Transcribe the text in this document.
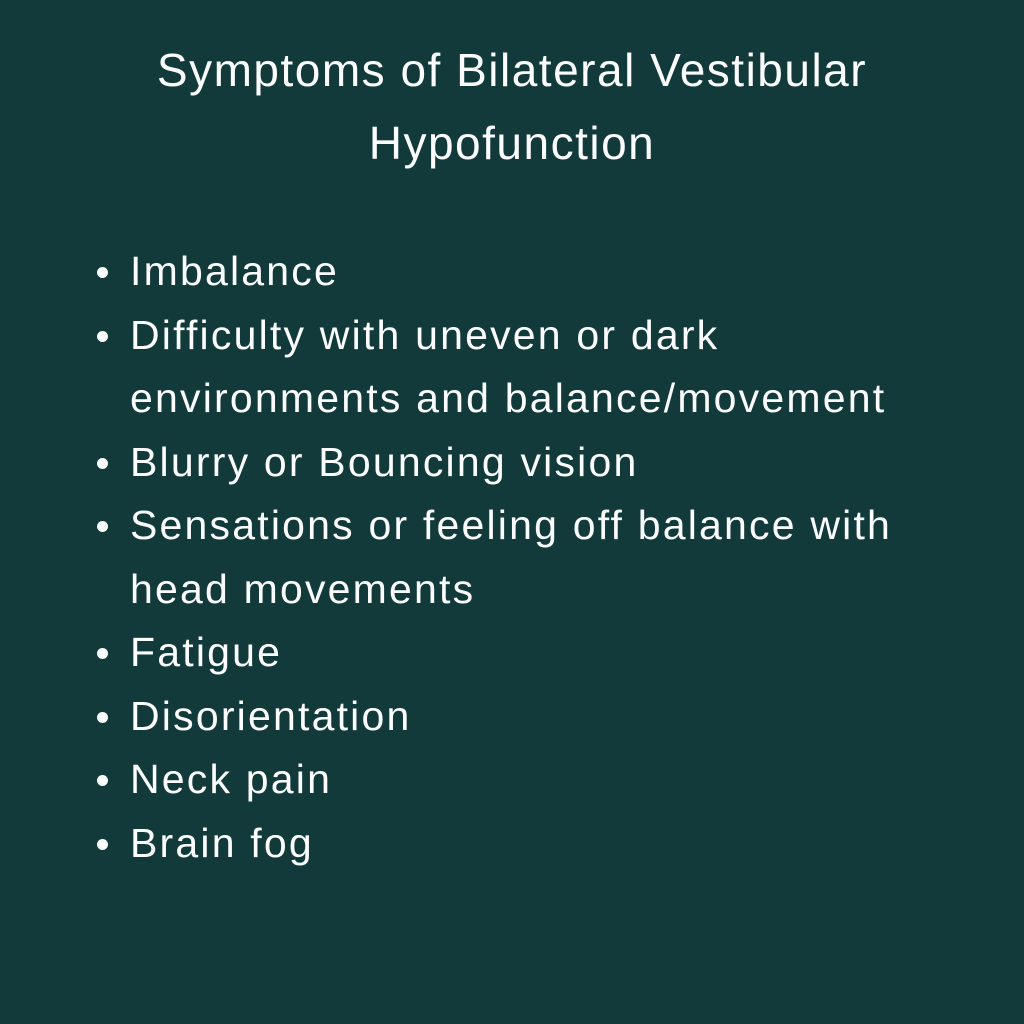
Symptoms of Bilateral Vestibular Hypofunction
Imbalance
Difficulty with uneven or dark environments and balance/movement
Blurry or Bouncing vision
Sensations or feeling off balance with head movements
Fatigue
Disorientation
Neck pain
Brain fog
